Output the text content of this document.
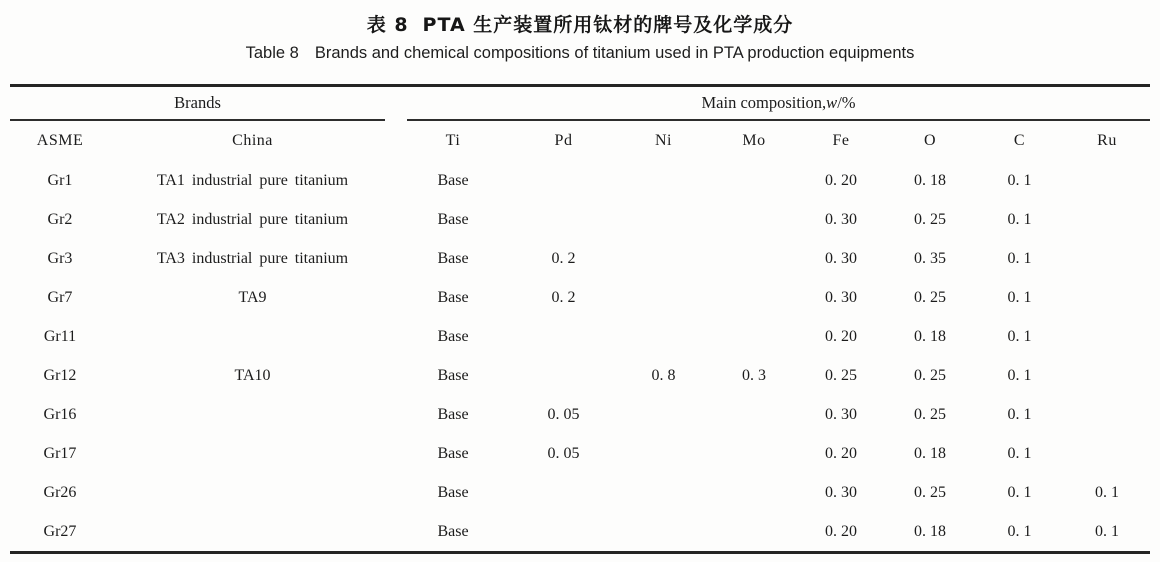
表 8 PTA 生产装置所用钛材的牌号及化学成分
Table 8 Brands and chemical compositions of titanium used in PTA production equipments
Brands		Main composition, w /%							

ASME	China	Ti	Pd	Ni	Mo	Fe	O	C	Ru
Gr1	TA1 industrial pure titanium	Base				0. 20	0. 18	0. 1	
Gr2	TA2 industrial pure titanium	Base				0. 30	0. 25	0. 1	
Gr3	TA3 industrial pure titanium	Base	0. 2			0. 30	0. 35	0. 1	
Gr7	TA9	Base	0. 2			0. 30	0. 25	0. 1	
Gr11		Base				0. 20	0. 18	0. 1	
Gr12	TA10	Base		0. 8	0. 3	0. 25	0. 25	0. 1	
Gr16		Base	0. 05			0. 30	0. 25	0. 1	
Gr17		Base	0. 05			0. 20	0. 18	0. 1	
Gr26		Base				0. 30	0. 25	0. 1	0. 1
Gr27		Base				0. 20	0. 18	0. 1	0. 1
